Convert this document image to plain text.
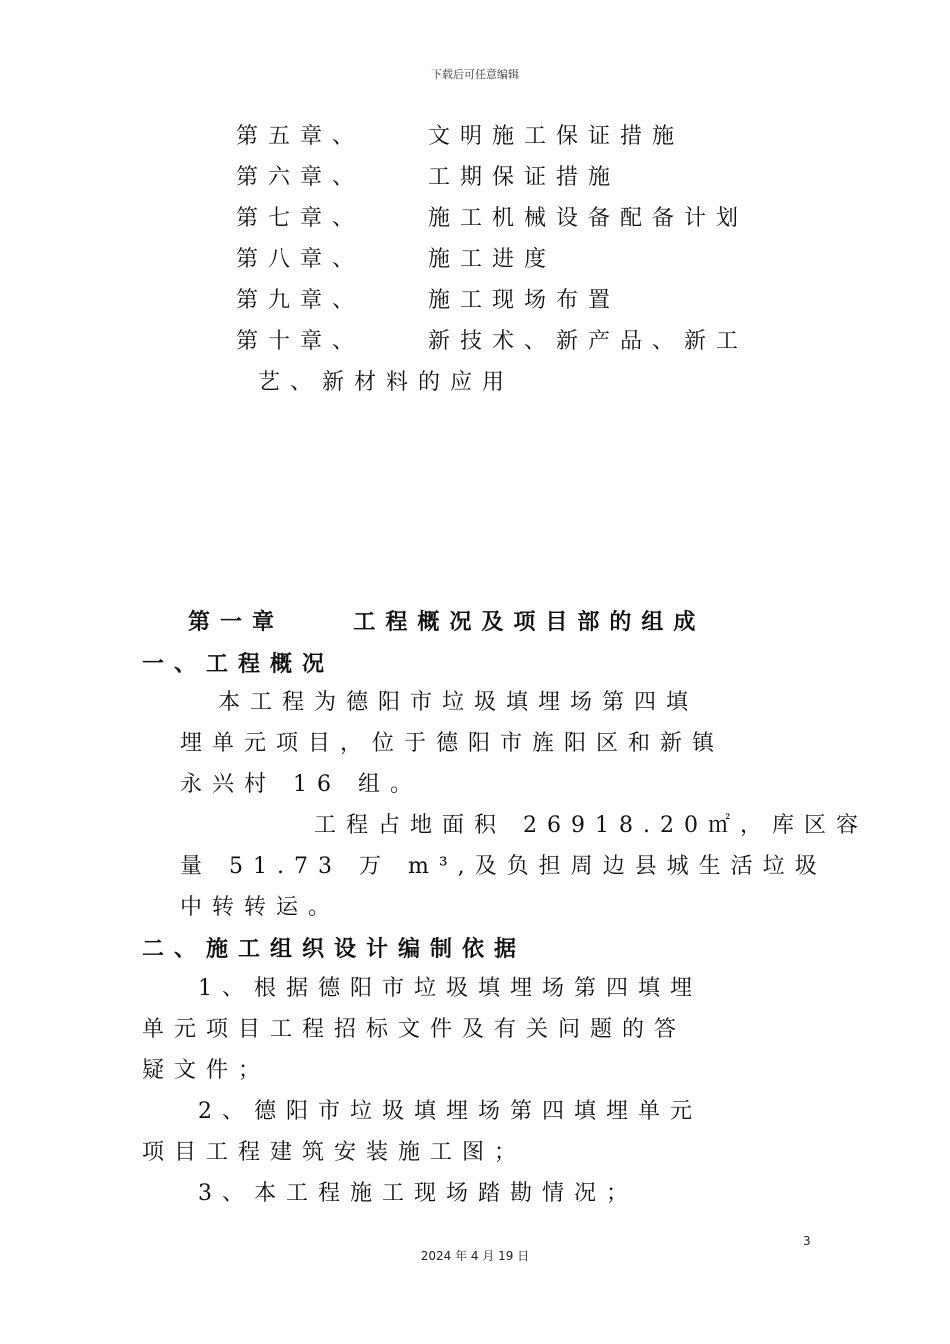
下载后可任意编辑
第五章、	文明施工保证措施
第六章、	工期保证措施
第七章、	施工机械设备配备计划
第八章、	施工进度
第九章、	施工现场布置
第十章、	新技术、新产品、新工
艺、新材料的应用
第一章	工程概况及项目部的组成
一、工程概况
本工程为德阳市垃圾填埋场第四填
埋单元项目，位于德阳市旌阳区和新镇
永兴村 16 组。
工程占地面积 26918.20㎡，库区容
量 51.73 万 m³,及负担周边县城生活垃圾
中转转运。
二、施工组织设计编制依据
1、根据德阳市垃圾填埋场第四填埋
单元项目工程招标文件及有关问题的答
疑文件；
2、德阳市垃圾填埋场第四填埋单元
项目工程建筑安装施工图；
3、本工程施工现场踏勘情况；
3
2024 年 4 月 19 日
